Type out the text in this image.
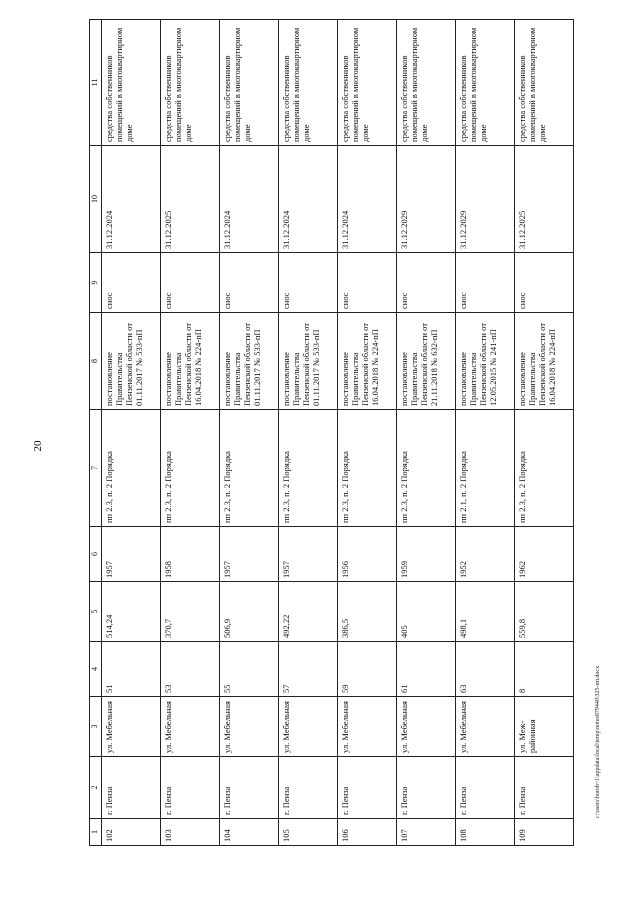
20
c:\users\borob~1\appdata\local\temp\notes879440\325-пп.docx
1	2	3	4	5	6	7	8	9	10	11
102	г. Пенза	ул. Мебельная	51	514,24	1957	пп 2.3, п. 2 Порядка	постановление Правительства Пензенской области от 01.11.2017 № 533-пП	снос	31.12.2024	средства собственников помещений в многоквартирном доме
103	г. Пенза	ул. Мебельная	53	370,7	1958	пп 2.3, п. 2 Порядка	постановление Правительства Пензенской области от 16.04.2018 № 224-пП	снос	31.12.2025	средства собственников помещений в многоквартирном доме
104	г. Пенза	ул. Мебельная	55	506,9	1957	пп 2.3, п. 2 Порядка	постановление Правительства Пензенской области от 01.11.2017 № 533-пП	снос	31.12.2024	средства собственников помещений в многоквартирном доме
105	г. Пенза	ул. Мебельная	57	492,22	1957	пп 2.3, п. 2 Порядка	постановление Правительства Пензенской области от 01.11.2017 № 533-пП	снос	31.12.2024	средства собственников помещений в многоквартирном доме
106	г. Пенза	ул. Мебельная	59	386,5	1956	пп 2.3, п. 2 Порядка	постановление Правительства Пензенской области от 16.04.2018 № 224-пП	снос	31.12.2024	средства собственников помещений в многоквартирном доме
107	г. Пенза	ул. Мебельная	61	405	1959	пп 2.3, п. 2 Порядка	постановление Правительства Пензенской области от 21.11.2018 № 632-пП	снос	31.12.2029	средства собственников помещений в многоквартирном доме
108	г. Пенза	ул. Мебельная	63	498,1	1952	пп 2.1, п. 2 Порядка	постановление Правительства Пензенской области от 12.05.2015 № 241-пП	снос	31.12.2029	средства собственников помещений в многоквартирном доме
109	г. Пенза	ул. Меж-районная	8	559,8	1962	пп 2.3, п. 2 Порядка	постановление Правительства Пензенской области от 16.04.2018 № 224-пП	снос	31.12.2025	средства собственников помещений в многоквартирном доме
